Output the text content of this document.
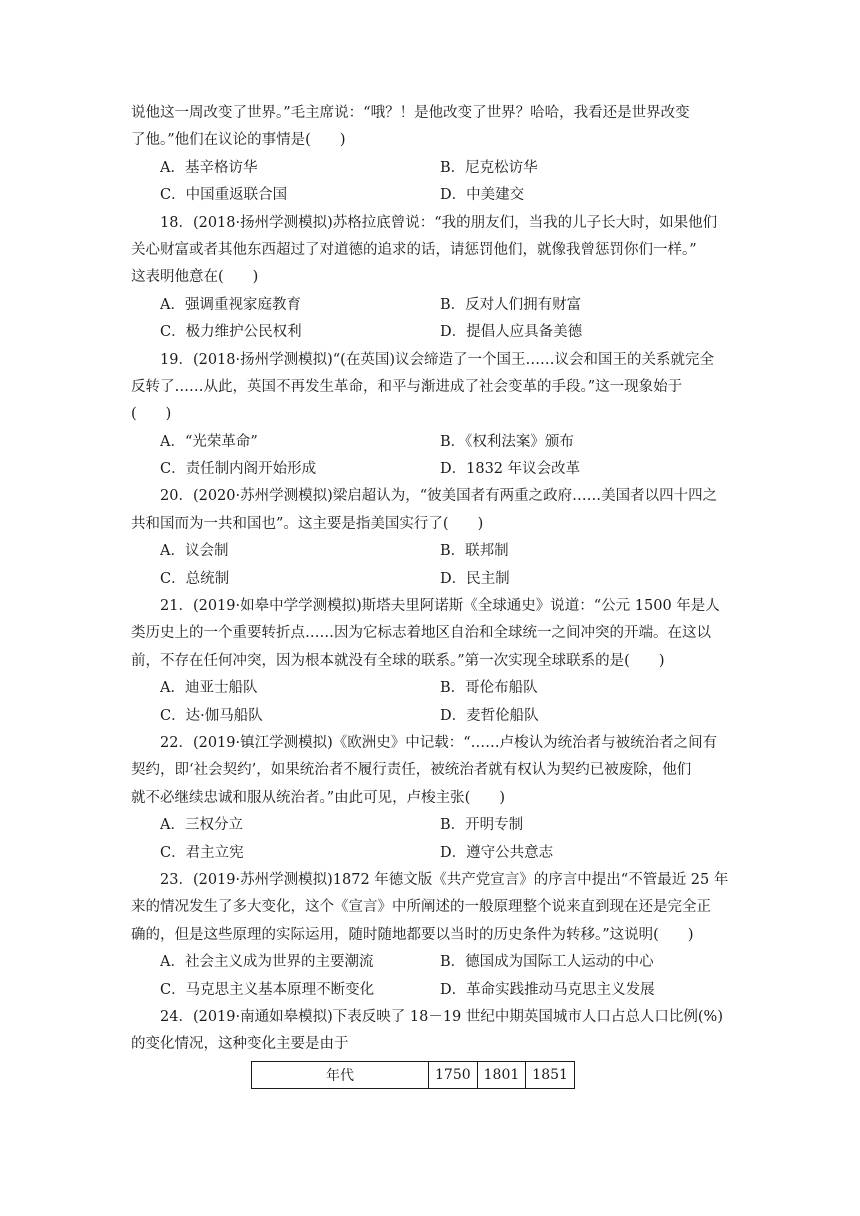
说他这一周改变了世界。”毛主席说：“哦？！是他改变了世界？哈哈，我看还是世界改变
了他。”他们在议论的事情是(　　)
A．基辛格访华	B．尼克松访华
C．中国重返联合国	D．中美建交
18．(2018·扬州学测模拟)苏格拉底曾说：“我的朋友们，当我的儿子长大时，如果他们
关心财富或者其他东西超过了对道德的追求的话，请惩罚他们，就像我曾惩罚你们一样。”
这表明他意在(　　)
A．强调重视家庭教育	B．反对人们拥有财富
C．极力维护公民权利	D．提倡人应具备美德
19．(2018·扬州学测模拟)“(在英国)议会缔造了一个国王……议会和国王的关系就完全
反转了……从此，英国不再发生革命，和平与渐进成了社会变革的手段。”这一现象始于
(　　)
A．“光荣革命”	B．《权利法案》颁布
C．责任制内阁开始形成	D．1832 年议会改革
20．(2020·苏州学测模拟)梁启超认为，“彼美国者有两重之政府……美国者以四十四之
共和国而为一共和国也”。这主要是指美国实行了(　　)
A．议会制	B．联邦制
C．总统制	D．民主制
21．(2019·如皋中学学测模拟)斯塔夫里阿诺斯《全球通史》说道：“公元 1500 年是人
类历史上的一个重要转折点……因为它标志着地区自治和全球统一之间冲突的开端。在这以
前，不存在任何冲突，因为根本就没有全球的联系。”第一次实现全球联系的是(　　)
A．迪亚士船队	B．哥伦布船队
C．达·伽马船队	D．麦哲伦船队
22．(2019·镇江学测模拟)《欧洲史》中记载：“……卢梭认为统治者与被统治者之间有
契约，即‘社会契约’，如果统治者不履行责任，被统治者就有权认为契约已被废除，他们
就不必继续忠诚和服从统治者。”由此可见，卢梭主张(　　)
A．三权分立	B．开明专制
C．君主立宪	D．遵守公共意志
23．(2019·苏州学测模拟)1872 年德文版《共产党宣言》的序言中提出“不管最近 25 年
来的情况发生了多大变化，这个《宣言》中所阐述的一般原理整个说来直到现在还是完全正
确的，但是这些原理的实际运用，随时随地都要以当时的历史条件为转移。”这说明(　　)
A．社会主义成为世界的主要潮流	B．德国成为国际工人运动的中心
C．马克思主义基本原理不断变化	D．革命实践推动马克思主义发展
24．(2019·南通如皋模拟)下表反映了 18－19 世纪中期英国城市人口占总人口比例(%)
的变化情况，这种变化主要是由于
年代	1750	1801	1851
